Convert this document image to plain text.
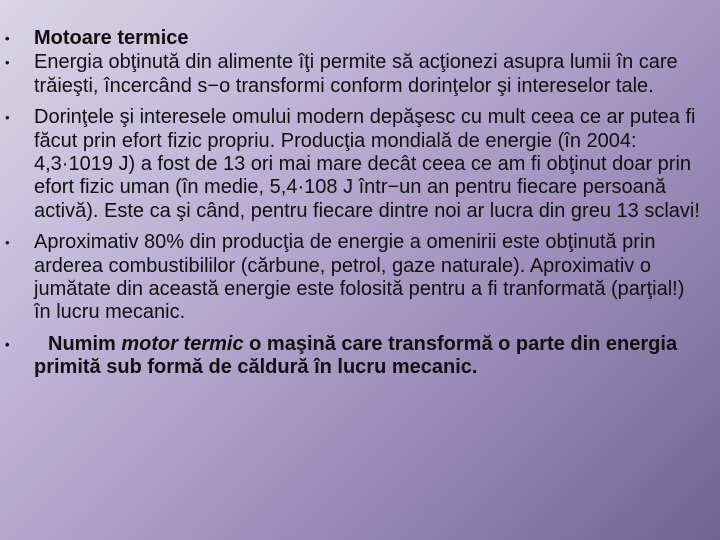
• Motoare termice
• Energia obţinută din alimente îţi permite să acţionezi asupra lumii în care trăieşti, încercând s−o transformi conform dorinţelor şi intereselor tale.
• Dorinţele şi interesele omului modern depăşesc cu mult ceea ce ar putea fi făcut prin efort fizic propriu. Producţia mondială de energie (în 2004: 4,3·1019 J) a fost de 13 ori mai mare decât ceea ce am fi obţinut doar prin efort fizic uman (în medie, 5,4·108 J într−un an pentru fiecare persoană activă). Este ca şi când, pentru fiecare dintre noi ar lucra din greu 13 sclavi!
• Aproximativ 80% din producţia de energie a omenirii este obţinută prin arderea combustibililor (cărbune, petrol, gaze naturale). Aproximativ o jumătate din această energie este folosită pentru a fi tranformată (parţial!) în lucru mecanic.
• Numim motor termic o maşină care transformă o parte din energia primită sub formă de căldură în lucru mecanic.
